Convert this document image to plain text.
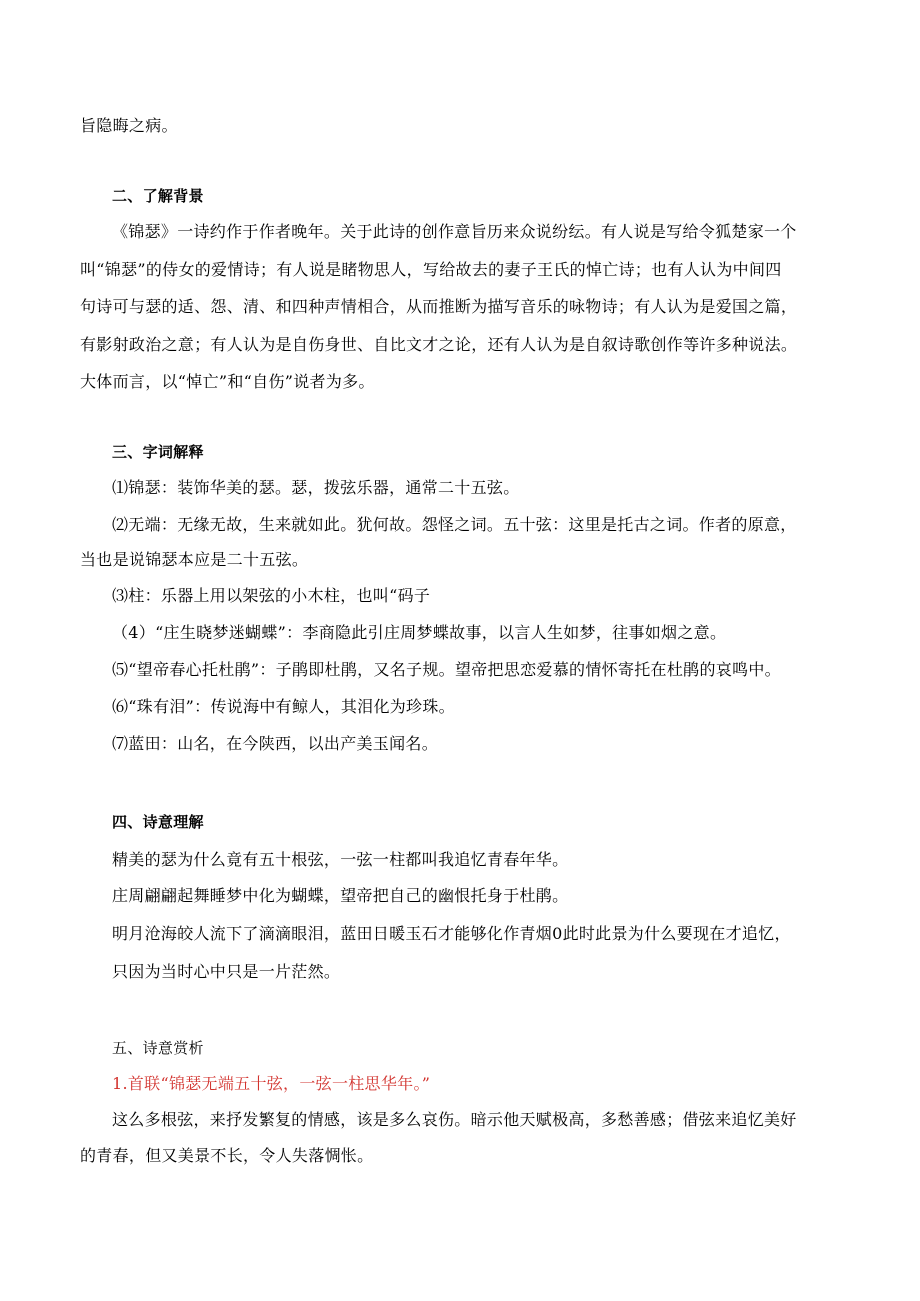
旨隐晦之病。
二、了解背景
《锦瑟》一诗约作于作者晚年。关于此诗的创作意旨历来众说纷纭。有人说是写给令狐楚家一个
叫“锦瑟”的侍女的爱情诗；有人说是睹物思人，写给故去的妻子王氏的悼亡诗；也有人认为中间四
句诗可与瑟的适、怨、清、和四种声情相合，从而推断为描写音乐的咏物诗；有人认为是爱国之篇，
有影射政治之意；有人认为是自伤身世、自比文才之论，还有人认为是自叙诗歌创作等许多种说法。
大体而言，以“悼亡”和“自伤”说者为多。
三、字词解释
⑴锦瑟：装饰华美的瑟。瑟，拨弦乐器，通常二十五弦。
⑵无端：无缘无故，生来就如此。犹何故。怨怪之词。五十弦：这里是托古之词。作者的原意，
当也是说锦瑟本应是二十五弦。
⑶柱：乐器上用以架弦的小木柱，也叫“码子
（4）“庄生晓梦迷蝴蝶”：李商隐此引庄周梦蝶故事，以言人生如梦，往事如烟之意。
⑸“望帝春心托杜鹃”：子鹃即杜鹃，又名子规。望帝把思恋爱慕的情怀寄托在杜鹃的哀鸣中。
⑹“珠有泪”：传说海中有鲸人，其泪化为珍珠。
⑺蓝田：山名，在今陕西，以出产美玉闻名。
四、诗意理解
精美的瑟为什么竟有五十根弦，一弦一柱都叫我追忆青春年华。
庄周翩翩起舞睡梦中化为蝴蝶，望帝把自己的幽恨托身于杜鹃。
明月沧海皎人流下了滴滴眼泪，蓝田日暖玉石才能够化作青烟0此时此景为什么要现在才追忆，
只因为当时心中只是一片茫然。
五、诗意赏析
1.首联“锦瑟无端五十弦，一弦一柱思华年。”
这么多根弦，来抒发繁复的情感，该是多么哀伤。暗示他天赋极高，多愁善感；借弦来追忆美好
的青春，但又美景不长，令人失落惆怅。
